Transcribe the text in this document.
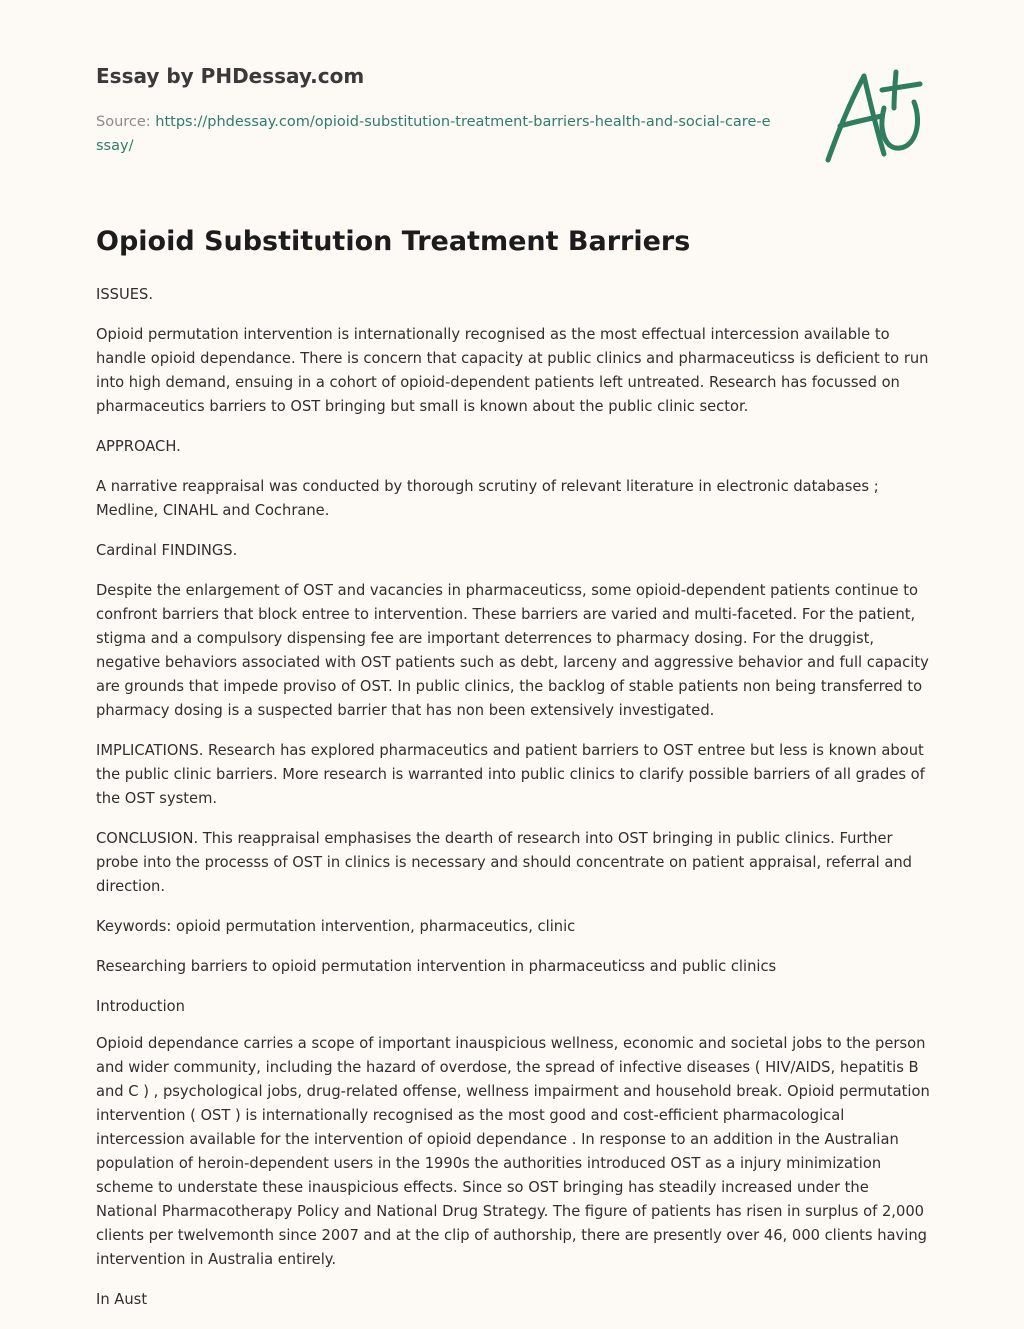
Essay by PHDessay.com
Source: https://phdessay.com/opioid-substitution-treatment-barriers-health-and-social-care-essay/
Opioid Substitution Treatment Barriers

ISSUES.

Opioid permutation intervention is internationally recognised as the most effectual intercession available to handle opioid dependance. There is concern that capacity at public clinics and pharmaceuticss is deficient to run into high demand, ensuing in a cohort of opioid-dependent patients left untreated. Research has focussed on pharmaceutics barriers to OST bringing but small is known about the public clinic sector.

APPROACH.

A narrative reappraisal was conducted by thorough scrutiny of relevant literature in electronic databases ; Medline, CINAHL and Cochrane.

Cardinal FINDINGS.

Despite the enlargement of OST and vacancies in pharmaceuticss, some opioid-dependent patients continue to confront barriers that block entree to intervention. These barriers are varied and multi-faceted. For the patient, stigma and a compulsory dispensing fee are important deterrences to pharmacy dosing. For the druggist, negative behaviors associated with OST patients such as debt, larceny and aggressive behavior and full capacity are grounds that impede proviso of OST. In public clinics, the backlog of stable patients non being transferred to pharmacy dosing is a suspected barrier that has non been extensively investigated.

IMPLICATIONS. Research has explored pharmaceutics and patient barriers to OST entree but less is known about the public clinic barriers. More research is warranted into public clinics to clarify possible barriers of all grades of the OST system.

CONCLUSION. This reappraisal emphasises the dearth of research into OST bringing in public clinics. Further probe into the processs of OST in clinics is necessary and should concentrate on patient appraisal, referral and direction.

Keywords: opioid permutation intervention, pharmaceutics, clinic

Researching barriers to opioid permutation intervention in pharmaceuticss and public clinics

Introduction

Opioid dependance carries a scope of important inauspicious wellness, economic and societal jobs to the person and wider community, including the hazard of overdose, the spread of infective diseases ( HIV/AIDS, hepatitis B and C ) , psychological jobs, drug-related offense, wellness impairment and household break. Opioid permutation intervention ( OST ) is internationally recognised as the most good and cost-efficient pharmacological intercession available for the intervention of opioid dependance . In response to an addition in the Australian population of heroin-dependent users in the 1990s the authorities introduced OST as a injury minimization scheme to understate these inauspicious effects. Since so OST bringing has steadily increased under the National Pharmacotherapy Policy and National Drug Strategy. The figure of patients has risen in surplus of 2,000 clients per twelvemonth since 2007 and at the clip of authorship, there are presently over 46, 000 clients having intervention in Australia entirely.

In Aust
